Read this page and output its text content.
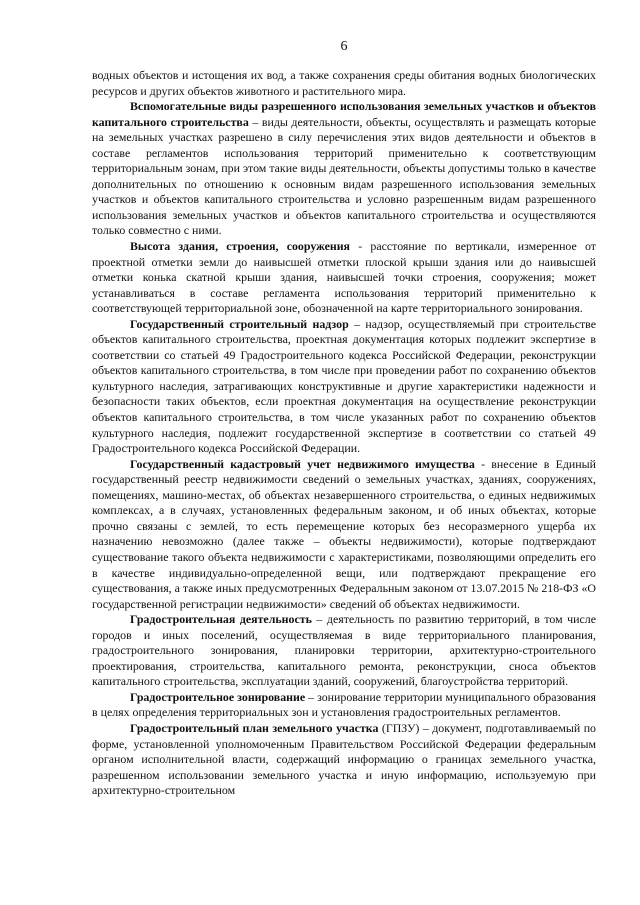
6

водных объектов и истощения их вод, а также сохранения среды обитания водных биологических ресурсов и других объектов животного и растительного мира.

Вспомогательные виды разрешенного использования земельных участков и объектов капитального строительства – виды деятельности, объекты, осуществлять и размещать которые на земельных участках разрешено в силу перечисления этих видов деятельности и объектов в составе регламентов использования территорий применительно к соответствующим территориальным зонам, при этом такие виды деятельности, объекты допустимы только в качестве дополнительных по отношению к основным видам разрешенного использования земельных участков и объектов капитального строительства и условно разрешенным видам разрешенного использования земельных участков и объектов капитального строительства и осуществляются только совместно с ними.

Высота здания, строения, сооружения - расстояние по вертикали, измеренное от проектной отметки земли до наивысшей отметки плоской крыши здания или до наивысшей отметки конька скатной крыши здания, наивысшей точки строения, сооружения; может устанавливаться в составе регламента использования территорий применительно к соответствующей территориальной зоне, обозначенной на карте территориального зонирования.

Государственный строительный надзор – надзор, осуществляемый при строительстве объектов капитального строительства, проектная документация которых подлежит экспертизе в соответствии со статьей 49 Градостроительного кодекса Российской Федерации, реконструкции объектов капитального строительства, в том числе при проведении работ по сохранению объектов культурного наследия, затрагивающих конструктивные и другие характеристики надежности и безопасности таких объектов, если проектная документация на осуществление реконструкции объектов капитального строительства, в том числе указанных работ по сохранению объектов культурного наследия, подлежит государственной экспертизе в соответствии со статьей 49 Градостроительного кодекса Российской Федерации.

Государственный кадастровый учет недвижимого имущества - внесение в Единый государственный реестр недвижимости сведений о земельных участках, зданиях, сооружениях, помещениях, машино-местах, об объектах незавершенного строительства, о единых недвижимых комплексах, а в случаях, установленных федеральным законом, и об иных объектах, которые прочно связаны с землей, то есть перемещение которых без несоразмерного ущерба их назначению невозможно (далее также – объекты недвижимости), которые подтверждают существование такого объекта недвижимости с характеристиками, позволяющими определить его в качестве индивидуально-определенной вещи, или подтверждают прекращение его существования, а также иных предусмотренных Федеральным законом от 13.07.2015 № 218-ФЗ «О государственной регистрации недвижимости» сведений об объектах недвижимости.

Градостроительная деятельность – деятельность по развитию территорий, в том числе городов и иных поселений, осуществляемая в виде территориального планирования, градостроительного зонирования, планировки территории, архитектурно-строительного проектирования, строительства, капитального ремонта, реконструкции, сноса объектов капитального строительства, эксплуатации зданий, сооружений, благоустройства территорий.

Градостроительное зонирование – зонирование территории муниципального образования в целях определения территориальных зон и установления градостроительных регламентов.

Градостроительный план земельного участка (ГПЗУ) – документ, подготавливаемый по форме, установленной уполномоченным Правительством Российской Федерации федеральным органом исполнительной власти, содержащий информацию о границах земельного участка, разрешенном использовании земельного участка и иную информацию, используемую при архитектурно-строительном
